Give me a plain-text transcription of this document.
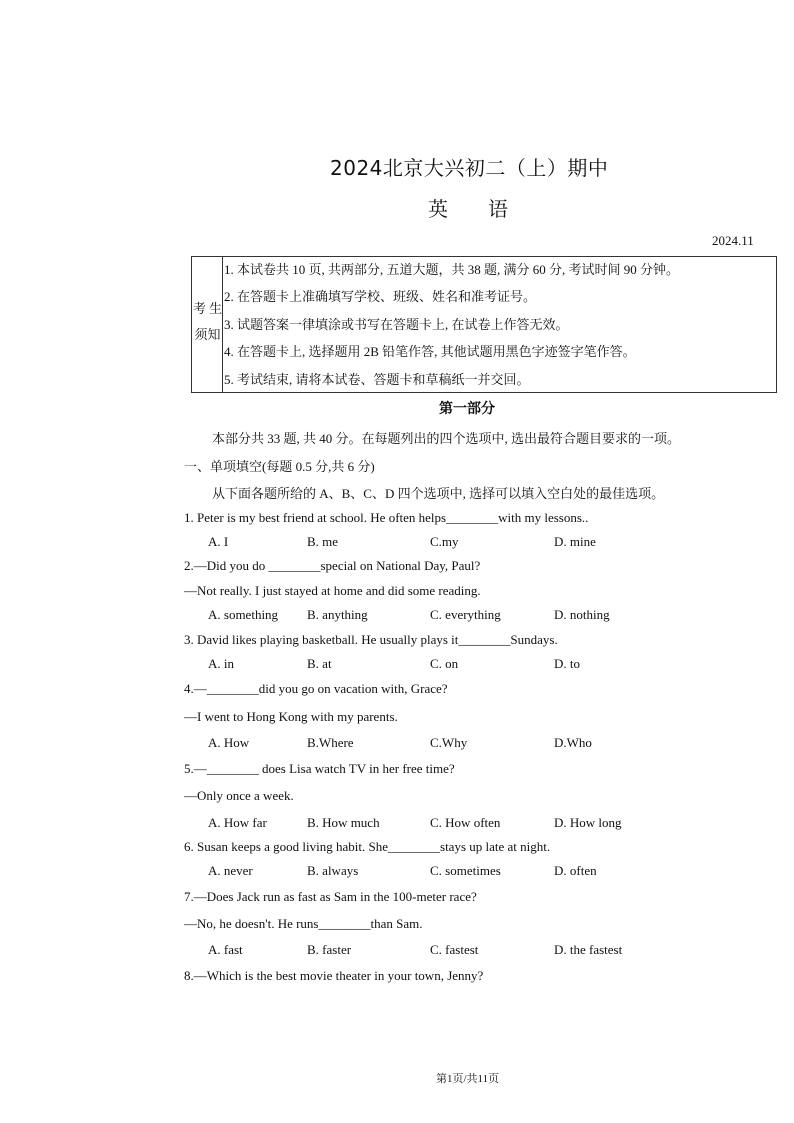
2024北京大兴初二（上）期中
英　　语
2024.11
考 生
须知
1. 本试卷共 10 页, 共两部分, 五道大题，共 38 题, 满分 60 分, 考试时间 90 分钟。
2. 在答题卡上准确填写学校、班级、姓名和准考证号。
3. 试题答案一律填涂或书写在答题卡上, 在试卷上作答无效。
4. 在答题卡上, 选择题用 2B 铅笔作答, 其他试题用黑色字迹签字笔作答。
5. 考试结束, 请将本试卷、答题卡和草稿纸一并交回。
第一部分
本部分共 33 题, 共 40 分。在每题列出的四个选项中, 选出最符合题目要求的一项。
一、单项填空(每题 0.5 分,共 6 分)
从下面各题所给的 A、B、C、D 四个选项中, 选择可以填入空白处的最佳选项。
1. Peter is my best friend at school. He often helps________with my lessons..
A. I	B. me	C.my	D. mine
2.—Did you do ________special on National Day, Paul?
—Not really. I just stayed at home and did some reading.
A. something B. anything	C. everything	D. nothing
3. David likes playing basketball. He usually plays it________Sundays.
A. in	B. at	C. on	D. to
4.—________did you go on vacation with, Grace?
—I went to Hong Kong with my parents.
A. How	B.Where	C.Why	D.Who
5.—________ does Lisa watch TV in her free time?
—Only once a week.
A. How far	B. How much	C. How often	D. How long
6. Susan keeps a good living habit. She________stays up late at night.
A. never	B. always	C. sometimes	D. often
7.—Does Jack run as fast as Sam in the 100-meter race?
—No, he doesn't. He runs________than Sam.
A. fast	B. faster	C. fastest	D. the fastest
8.—Which is the best movie theater in your town, Jenny?
第1页/共11页
